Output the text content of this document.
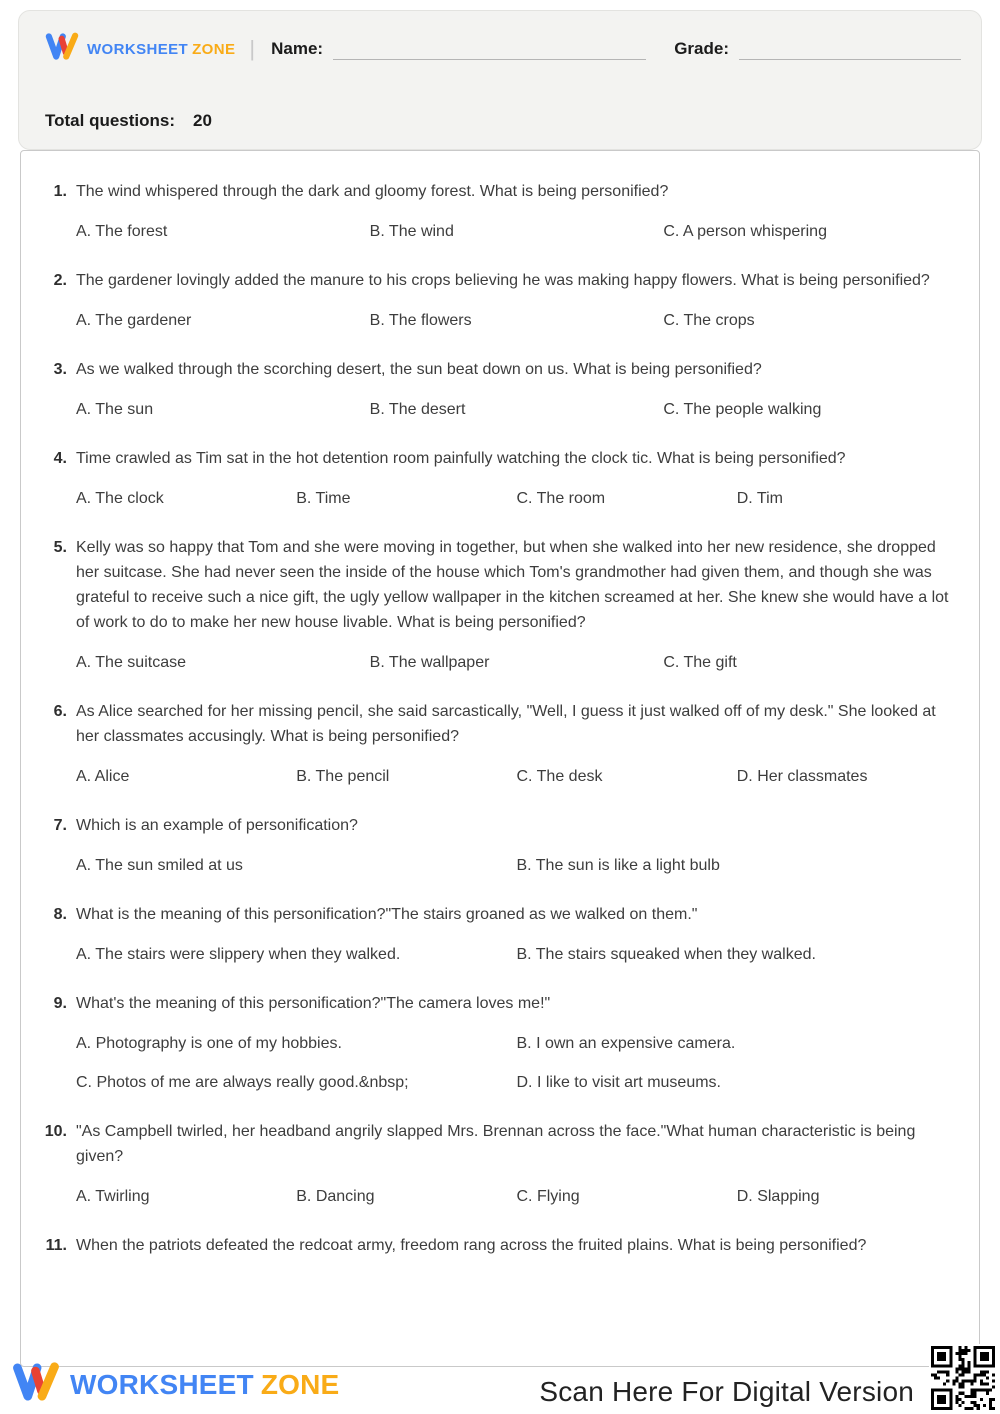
WORKSHEET ZONE | Name:	Grade:
Total questions: 20
1. The wind whispered through the dark and gloomy forest. What is being personified?
A. The forest	B. The wind	C. A person whispering
2. The gardener lovingly added the manure to his crops believing he was making happy flowers. What is being personified?
A. The gardener	B. The flowers	C. The crops
3. As we walked through the scorching desert, the sun beat down on us. What is being personified?
A. The sun	B. The desert	C. The people walking
4. Time crawled as Tim sat in the hot detention room painfully watching the clock tic. What is being personified?
A. The clock	B. Time	C. The room	D. Tim
5. Kelly was so happy that Tom and she were moving in together, but when she walked into her new residence, she dropped her suitcase. She had never seen the inside of the house which Tom's grandmother had given them, and though she was grateful to receive such a nice gift, the ugly yellow wallpaper in the kitchen screamed at her. She knew she would have a lot of work to do to make her new house livable. What is being personified?
A. The suitcase	B. The wallpaper	C. The gift
6. As Alice searched for her missing pencil, she said sarcastically, "Well, I guess it just walked off of my desk." She looked at her classmates accusingly. What is being personified?
A. Alice	B. The pencil	C. The desk	D. Her classmates
7. Which is an example of personification?
A. The sun smiled at us	B. The sun is like a light bulb
8. What is the meaning of this personification?"The stairs groaned as we walked on them."
A. The stairs were slippery when they walked.	B. The stairs squeaked when they walked.
9. What's the meaning of this personification?"The camera loves me!"
A. Photography is one of my hobbies.	B. I own an expensive camera.
C. Photos of me are always really good.&nbsp;	D. I like to visit art museums.
10. "As Campbell twirled, her headband angrily slapped Mrs. Brennan across the face."What human characteristic is being given?
A. Twirling	B. Dancing	C. Flying	D. Slapping
11. When the patriots defeated the redcoat army, freedom rang across the fruited plains. What is being personified?
WORKSHEET ZONE	Scan Here For Digital Version
